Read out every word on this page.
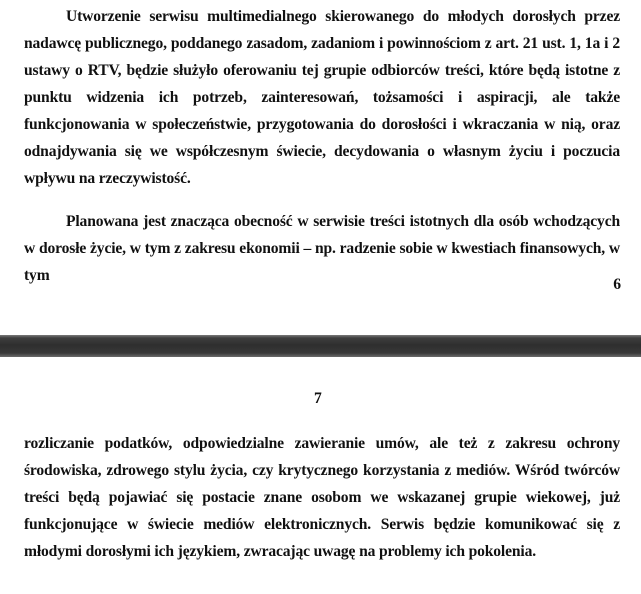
Utworzenie serwisu multimedialnego skierowanego do młodych dorosłych przez nadawcę publicznego, poddanego zasadom, zadaniom i powinnościom z art. 21 ust. 1, 1a i 2 ustawy o RTV, będzie służyło oferowaniu tej grupie odbiorców treści, które będą istotne z punktu widzenia ich potrzeb, zainteresowań, tożsamości i aspiracji, ale także funkcjonowania w społeczeństwie, przygotowania do dorosłości i wkraczania w nią, oraz odnajdywania się we współczesnym świecie, decydowania o własnym życiu i poczucia wpływu na rzeczywistość.

Planowana jest znacząca obecność w serwisie treści istotnych dla osób wchodzących w dorosłe życie, w tym z zakresu ekonomii – np. radzenie sobie w kwestiach finansowych, w tym

6
7

rozliczanie podatków, odpowiedzialne zawieranie umów, ale też z zakresu ochrony środowiska, zdrowego stylu życia, czy krytycznego korzystania z mediów. Wśród twórców treści będą pojawiać się postacie znane osobom we wskazanej grupie wiekowej, już funkcjonujące w świecie mediów elektronicznych. Serwis będzie komunikować się z młodymi dorosłymi ich językiem, zwracając uwagę na problemy ich pokolenia.
